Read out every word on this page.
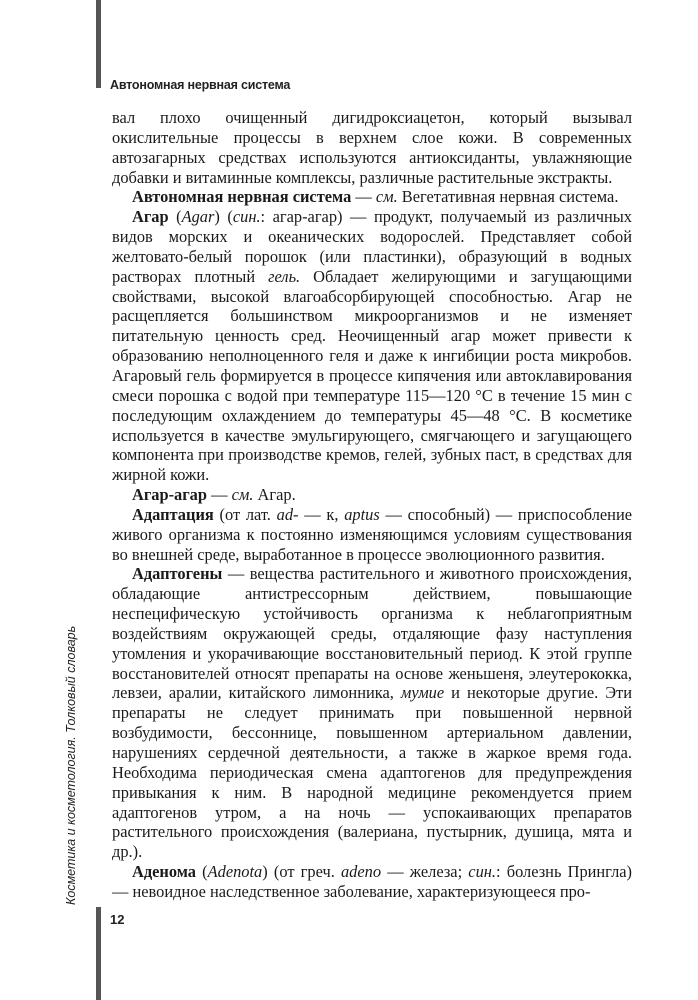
Автономная нервная система

вал плохо очищенный дигидроксиацетон, который вызывал окислительные процессы в верхнем слое кожи. В современных автозагарных средствах используются антиоксиданты, увлажняющие добавки и витаминные комплексы, различные растительные экстракты.

Автономная нервная система — см. Вегетативная нервная система.

Агар (Agar) (син.: агар-агар) — продукт, получаемый из различных видов морских и океанических водорослей. Представляет собой желтовато-белый порошок (или пластинки), образующий в водных растворах плотный гель. Обладает желирующими и загущающими свойствами, высокой влагоабсорбирующей способностью. Агар не расщепляется большинством микроорганизмов и не изменяет питательную ценность сред. Неочищенный агар может привести к образованию неполноценного геля и даже к ингибиции роста микробов. Агаровый гель формируется в процессе кипячения или автоклавирования смеси порошка с водой при температуре 115—120 °С в течение 15 мин с последующим охлаждением до температуры 45—48 °С. В косметике используется в качестве эмульгирующего, смягчающего и загущающего компонента при производстве кремов, гелей, зубных паст, в средствах для жирной кожи.

Агар-агар — см. Агар.

Адаптация (от лат. ad- — к, aptus — способный) — приспособление живого организма к постоянно изменяющимся условиям существования во внешней среде, выработанное в процессе эволюционного развития.

Адаптогены — вещества растительного и животного происхождения, обладающие антистрессорным действием, повышающие неспецифическую устойчивость организма к неблагоприятным воздействиям окружающей среды, отдаляющие фазу наступления утомления и укорачивающие восстановительный период. К этой группе восстановителей относят препараты на основе женьшеня, элеутерококка, левзеи, аралии, китайского лимонника, мумие и некоторые другие. Эти препараты не следует принимать при повышенной нервной возбудимости, бессоннице, повышенном артериальном давлении, нарушениях сердечной деятельности, а также в жаркое время года. Необходима периодическая смена адаптогенов для предупреждения привыкания к ним. В народной медицине рекомендуется прием адаптогенов утром, а на ночь — успокаивающих препаратов растительного происхождения (валериана, пустырник, душица, мята и др.).

Аденома (Adenota) (от греч. adeno — железа; син.: болезнь Прингла) — невоидное наследственное заболевание, характеризующееся про-

Косметика и косметология. Толковый словарь
12
